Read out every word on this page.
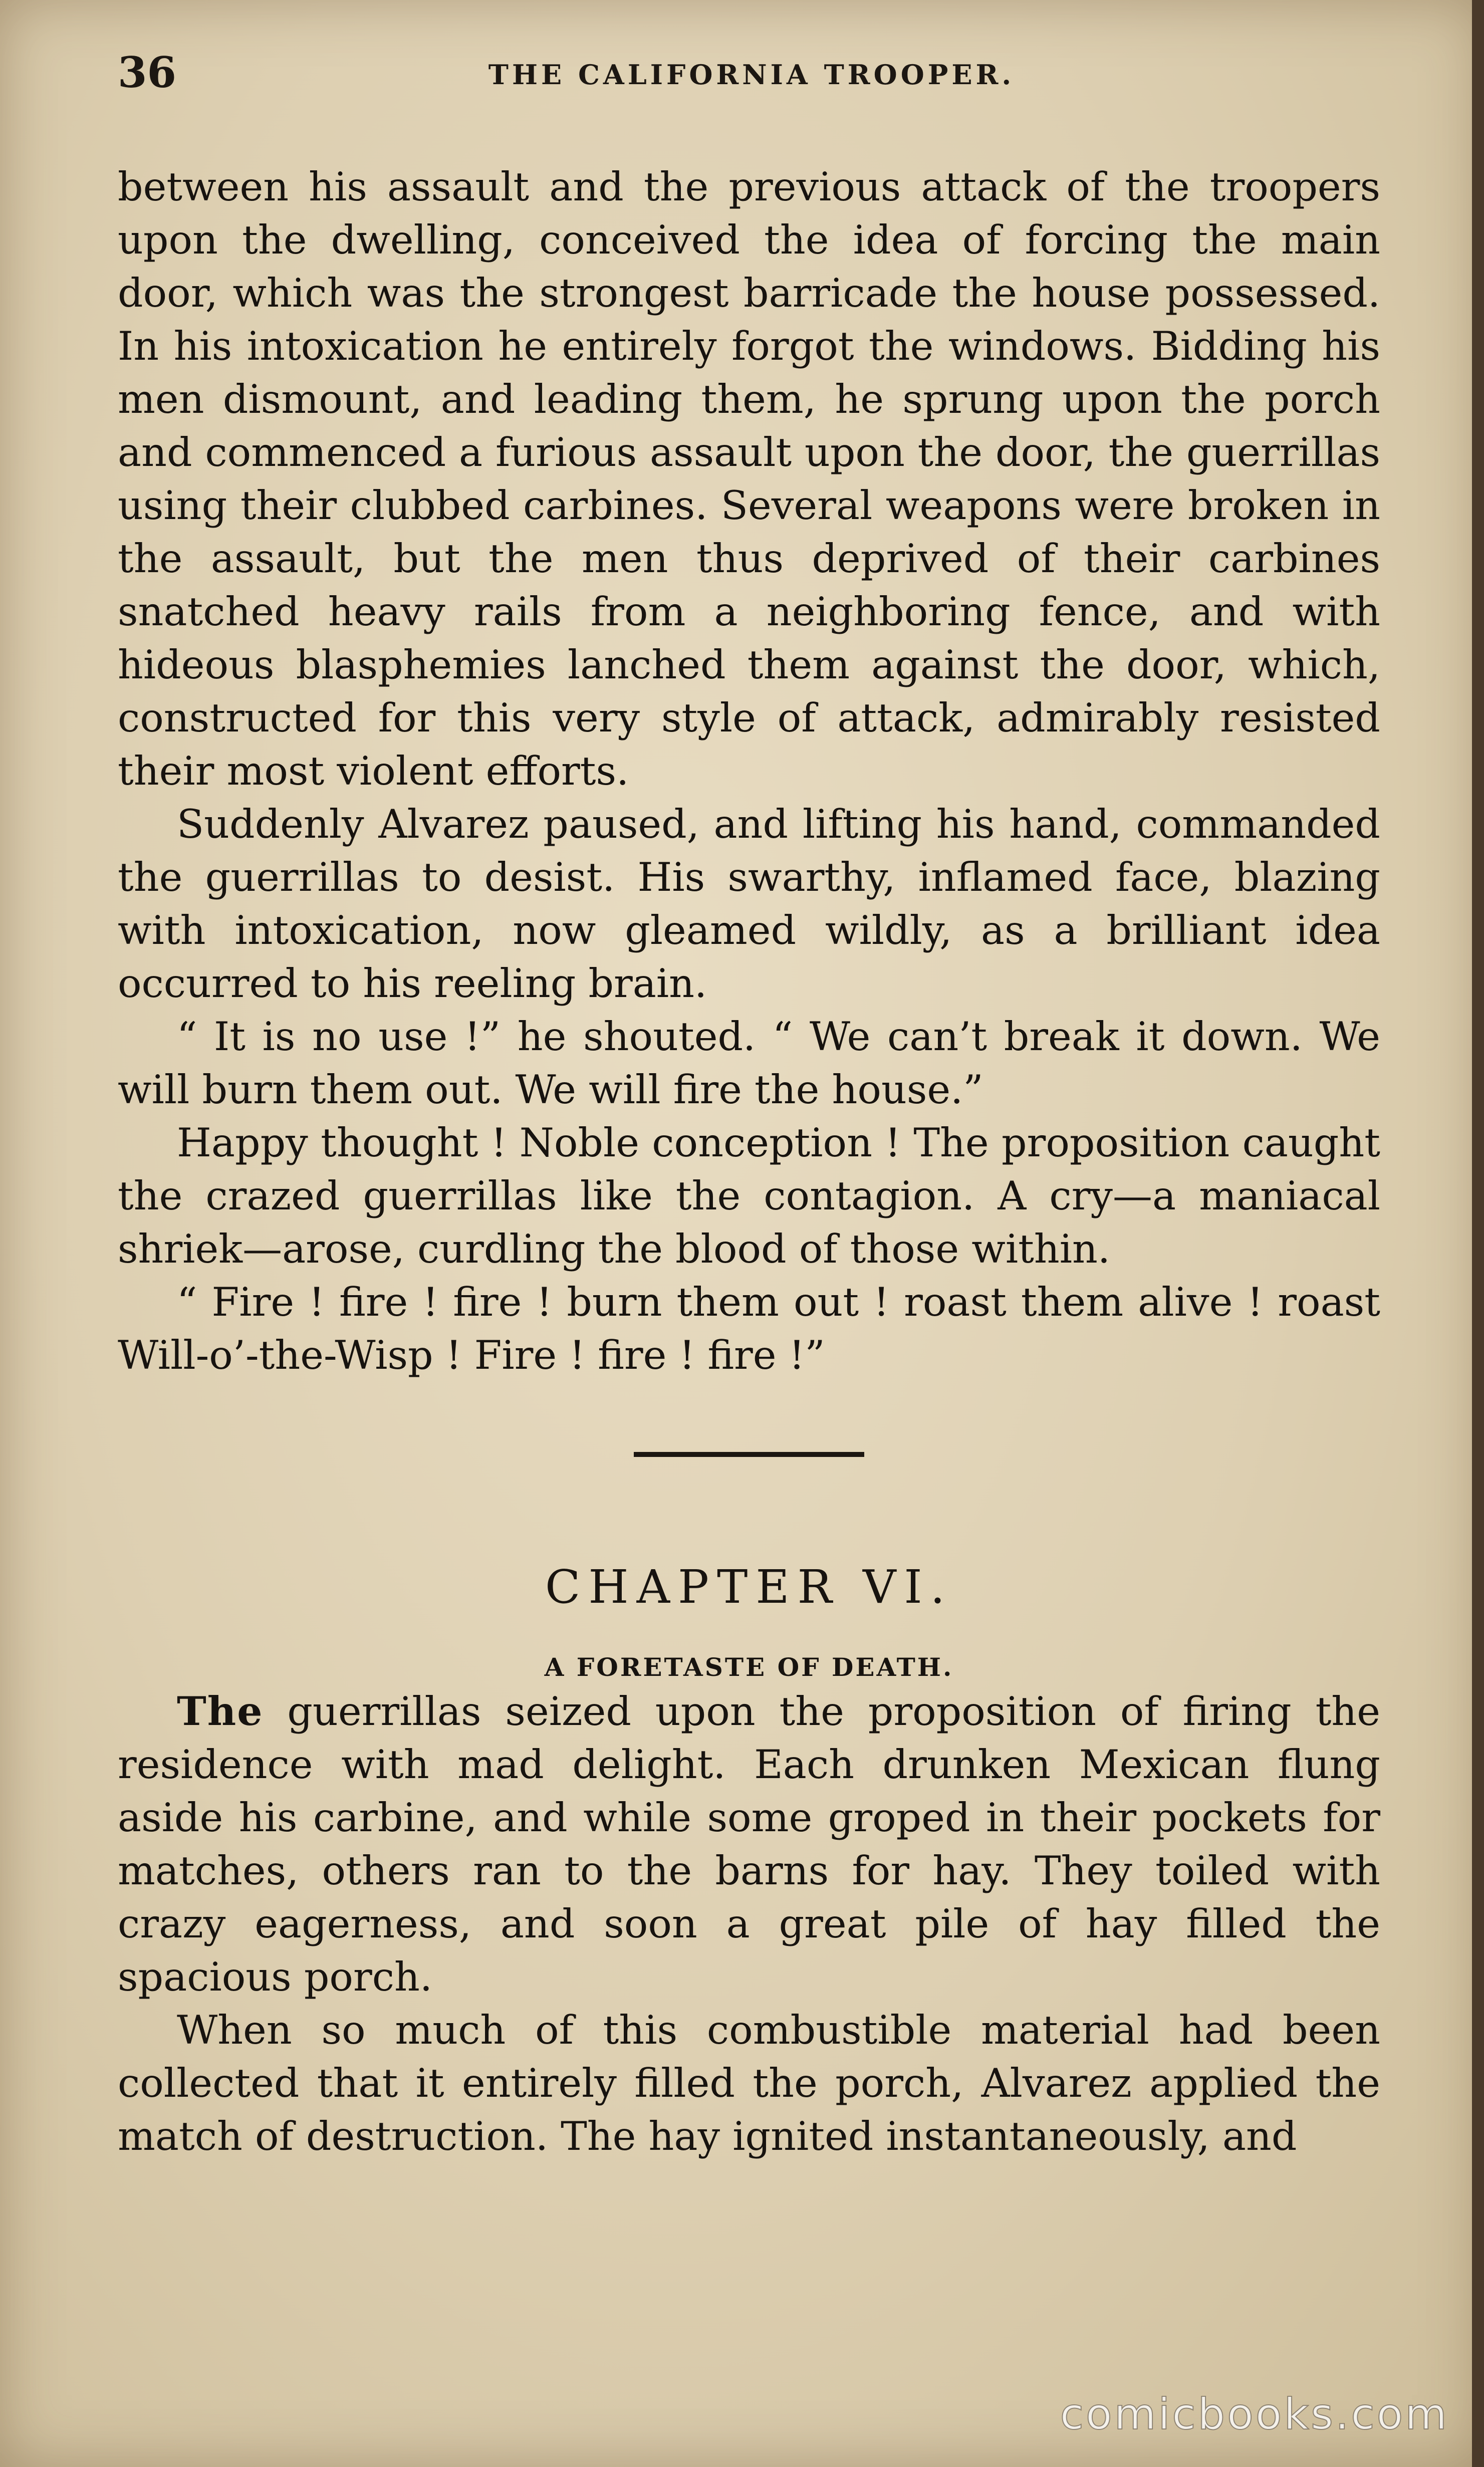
36	THE CALIFORNIA TROOPER.

between his assault and the previous attack of the troopers upon the dwelling, conceived the idea of forcing the main door, which was the strongest barricade the house possessed. In his intoxication he entirely forgot the windows. Bidding his men dismount, and leading them, he sprung upon the porch and commenced a furious assault upon the door, the guerrillas using their clubbed carbines. Several weapons were broken in the assault, but the men thus deprived of their carbines snatched heavy rails from a neighboring fence, and with hideous blasphemies lanched them against the door, which, constructed for this very style of attack, admirably resisted their most violent efforts.

Suddenly Alvarez paused, and lifting his hand, commanded the guerrillas to desist. His swarthy, inflamed face, blazing with intoxication, now gleamed wildly, as a brilliant idea occurred to his reeling brain.

“ It is no use !” he shouted. “ We can’t break it down. We will burn them out. We will fire the house.”

Happy thought ! Noble conception ! The proposition caught the crazed guerrillas like the contagion. A cry—a maniacal shriek—arose, curdling the blood of those within.

“ Fire ! fire ! fire ! burn them out ! roast them alive ! roast Will-o’-the-Wisp ! Fire ! fire ! fire !”

CHAPTER VI.
A FORETASTE OF DEATH.

The guerrillas seized upon the proposition of firing the residence with mad delight. Each drunken Mexican flung aside his carbine, and while some groped in their pockets for matches, others ran to the barns for hay. They toiled with crazy eagerness, and soon a great pile of hay filled the spacious porch.

When so much of this combustible material had been collected that it entirely filled the porch, Alvarez applied the match of destruction. The hay ignited instantaneously, and

comicbooks.com
